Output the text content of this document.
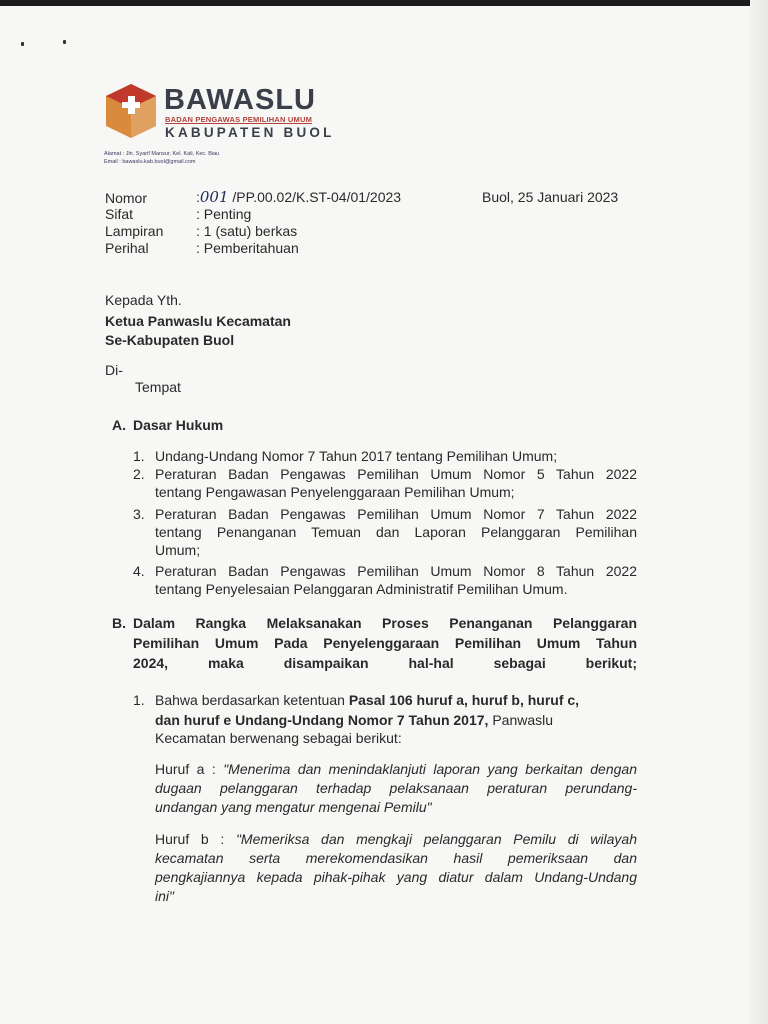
BAWASLU
BADAN PENGAWAS PEMILIHAN UMUM
KABUPATEN BUOL
Alamat : Jln. Syarif Mansur, Kel. Kali, Kec. Biau
Email : bawaslu.kab.buol@gmail.com
Nomor	:001 /PP.00.02/K.ST-04/01/2023	Buol, 25 Januari 2023
Sifat	: Penting
Lampiran : 1 (satu) berkas
Perihal	: Pemberitahuan
Kepada Yth.
Ketua Panwaslu Kecamatan
Se-Kabupaten Buol
Di-
Tempat
A. Dasar Hukum
1. Undang-Undang Nomor 7 Tahun 2017 tentang Pemilihan Umum;
2. Peraturan Badan Pengawas Pemilihan Umum Nomor 5 Tahun 2022
tentang Pengawasan Penyelenggaraan Pemilihan Umum;
3. Peraturan Badan Pengawas Pemilihan Umum Nomor 7 Tahun 2022
tentang Penanganan Temuan dan Laporan Pelanggaran Pemilihan
Umum;
4. Peraturan Badan Pengawas Pemilihan Umum Nomor 8 Tahun 2022
tentang Penyelesaian Pelanggaran Administratif Pemilihan Umum.
B. Dalam Rangka Melaksanakan Proses Penanganan Pelanggaran
Pemilihan Umum Pada Penyelenggaraan Pemilihan Umum Tahun
2024, maka disampaikan hal-hal sebagai berikut;
1. Bahwa berdasarkan ketentuan Pasal 106 huruf a, huruf b, huruf c,
dan huruf e Undang-Undang Nomor 7 Tahun 2017, Panwaslu
Kecamatan berwenang sebagai berikut:
Huruf a : "Menerima dan menindaklanjuti laporan yang berkaitan dengan
dugaan pelanggaran terhadap pelaksanaan peraturan perundang-
undangan yang mengatur mengenai Pemilu"
Huruf b : "Memeriksa dan mengkaji pelanggaran Pemilu di wilayah
kecamatan serta merekomendasikan hasil pemeriksaan dan
pengkajiannya kepada pihak-pihak yang diatur dalam Undang-Undang
ini"
